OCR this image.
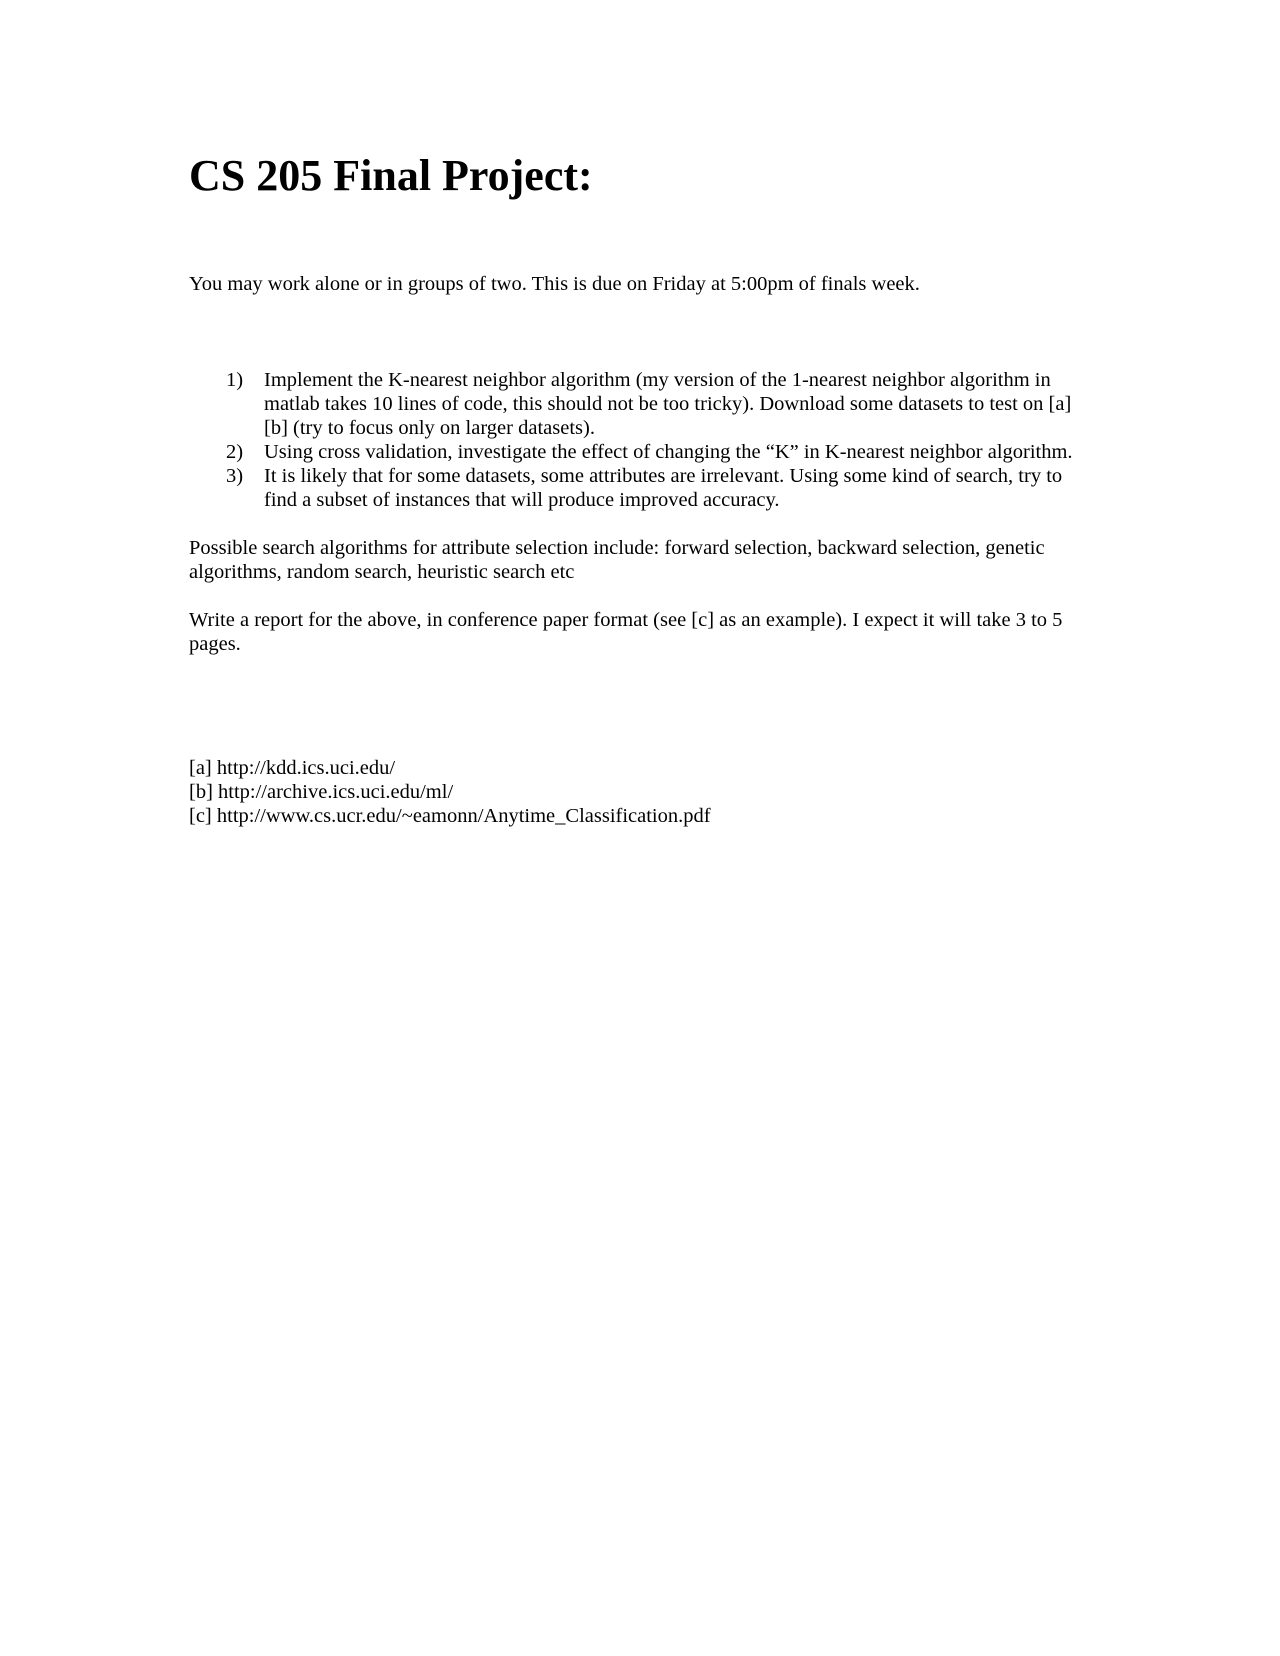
CS 205 Final Project:

You may work alone or in groups of two. This is due on Friday at 5:00pm of finals week.

1) Implement the K-nearest neighbor algorithm (my version of the 1-nearest neighbor algorithm in matlab takes 10 lines of code, this should not be too tricky). Download some datasets to test on [a] [b] (try to focus only on larger datasets).
2) Using cross validation, investigate the effect of changing the “K” in K-nearest neighbor algorithm.
3) It is likely that for some datasets, some attributes are irrelevant. Using some kind of search, try to find a subset of instances that will produce improved accuracy.

Possible search algorithms for attribute selection include: forward selection, backward selection, genetic algorithms, random search, heuristic search etc

Write a report for the above, in conference paper format (see [c] as an example). I expect it will take 3 to 5 pages.

[a] http://kdd.ics.uci.edu/
[b] http://archive.ics.uci.edu/ml/
[c] http://www.cs.ucr.edu/~eamonn/Anytime_Classification.pdf
